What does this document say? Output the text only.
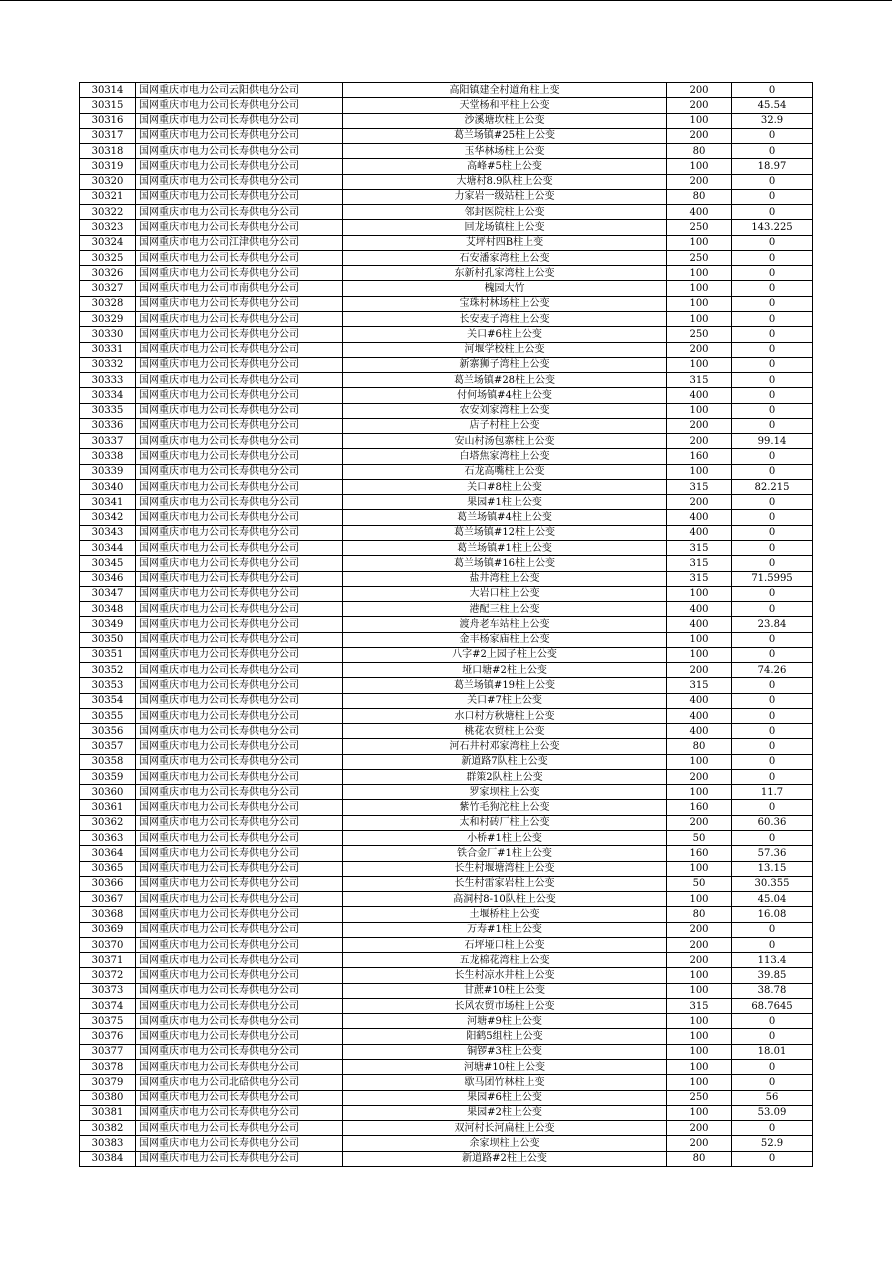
30314	国网重庆市电力公司云阳供电分公司	高阳镇建全村道角柱上变	200	0
30315	国网重庆市电力公司长寿供电分公司	天堂杨和平柱上公变	200	45.54
30316	国网重庆市电力公司长寿供电分公司	沙溪塘坎柱上公变	100	32.9
30317	国网重庆市电力公司长寿供电分公司	葛兰场镇#25柱上公变	200	0
30318	国网重庆市电力公司长寿供电分公司	玉华林场柱上公变	80	0
30319	国网重庆市电力公司长寿供电分公司	高峰#5柱上公变	100	18.97
30320	国网重庆市电力公司长寿供电分公司	大塘村8.9队柱上公变	200	0
30321	国网重庆市电力公司长寿供电分公司	力家岩一级站柱上公变	80	0
30322	国网重庆市电力公司长寿供电分公司	邻封医院柱上公变	400	0
30323	国网重庆市电力公司长寿供电分公司	回龙场镇柱上公变	250	143.225
30324	国网重庆市电力公司江津供电分公司	艾坪村四B柱上变	100	0
30325	国网重庆市电力公司长寿供电分公司	石安潘家湾柱上公变	250	0
30326	国网重庆市电力公司长寿供电分公司	东新村孔家湾柱上公变	100	0
30327	国网重庆市电力公司市南供电分公司	槐园大竹	100	0
30328	国网重庆市电力公司长寿供电分公司	宝珠村林场柱上公变	100	0
30329	国网重庆市电力公司长寿供电分公司	长安麦子湾柱上公变	100	0
30330	国网重庆市电力公司长寿供电分公司	关口#6柱上公变	250	0
30331	国网重庆市电力公司长寿供电分公司	河堰学校柱上公变	200	0
30332	国网重庆市电力公司长寿供电分公司	新寨狮子湾柱上公变	100	0
30333	国网重庆市电力公司长寿供电分公司	葛兰场镇#28柱上公变	315	0
30334	国网重庆市电力公司长寿供电分公司	付何场镇#4柱上公变	400	0
30335	国网重庆市电力公司长寿供电分公司	农安刘家湾柱上公变	100	0
30336	国网重庆市电力公司长寿供电分公司	店子村柱上公变	200	0
30337	国网重庆市电力公司长寿供电分公司	安山村汤包寨柱上公变	200	99.14
30338	国网重庆市电力公司长寿供电分公司	白塔焦家湾柱上公变	160	0
30339	国网重庆市电力公司长寿供电分公司	石龙高嘴柱上公变	100	0
30340	国网重庆市电力公司长寿供电分公司	关口#8柱上公变	315	82.215
30341	国网重庆市电力公司长寿供电分公司	果园#1柱上公变	200	0
30342	国网重庆市电力公司长寿供电分公司	葛兰场镇#4柱上公变	400	0
30343	国网重庆市电力公司长寿供电分公司	葛兰场镇#12柱上公变	400	0
30344	国网重庆市电力公司长寿供电分公司	葛兰场镇#1柱上公变	315	0
30345	国网重庆市电力公司长寿供电分公司	葛兰场镇#16柱上公变	315	0
30346	国网重庆市电力公司长寿供电分公司	盐井湾柱上公变	315	71.5995
30347	国网重庆市电力公司长寿供电分公司	大岩口柱上公变	100	0
30348	国网重庆市电力公司长寿供电分公司	港配三柱上公变	400	0
30349	国网重庆市电力公司长寿供电分公司	渡舟老车站柱上公变	400	23.84
30350	国网重庆市电力公司长寿供电分公司	金丰杨家庙柱上公变	100	0
30351	国网重庆市电力公司长寿供电分公司	八字#2上园子柱上公变	100	0
30352	国网重庆市电力公司长寿供电分公司	垭口塘#2柱上公变	200	74.26
30353	国网重庆市电力公司长寿供电分公司	葛兰场镇#19柱上公变	315	0
30354	国网重庆市电力公司长寿供电分公司	关口#7柱上公变	400	0
30355	国网重庆市电力公司长寿供电分公司	水口村方秋塘柱上公变	400	0
30356	国网重庆市电力公司长寿供电分公司	桃花农贸柱上公变	400	0
30357	国网重庆市电力公司长寿供电分公司	河石井村邓家湾柱上公变	80	0
30358	国网重庆市电力公司长寿供电分公司	新道路7队柱上公变	100	0
30359	国网重庆市电力公司长寿供电分公司	群策2队柱上公变	200	0
30360	国网重庆市电力公司长寿供电分公司	罗家坝柱上公变	100	11.7
30361	国网重庆市电力公司长寿供电分公司	紫竹毛狗沱柱上公变	160	0
30362	国网重庆市电力公司长寿供电分公司	太和村砖厂柱上公变	200	60.36
30363	国网重庆市电力公司长寿供电分公司	小桥#1柱上公变	50	0
30364	国网重庆市电力公司长寿供电分公司	铁合金厂#1柱上公变	160	57.36
30365	国网重庆市电力公司长寿供电分公司	长生村堰塘湾柱上公变	100	13.15
30366	国网重庆市电力公司长寿供电分公司	长生村雷家岩柱上公变	50	30.355
30367	国网重庆市电力公司长寿供电分公司	高洞村8-10队柱上公变	100	45.04
30368	国网重庆市电力公司长寿供电分公司	土堰桥柱上公变	80	16.08
30369	国网重庆市电力公司长寿供电分公司	万寿#1柱上公变	200	0
30370	国网重庆市电力公司长寿供电分公司	石坪垭口柱上公变	200	0
30371	国网重庆市电力公司长寿供电分公司	五龙棉花湾柱上公变	200	113.4
30372	国网重庆市电力公司长寿供电分公司	长生村凉水井柱上公变	100	39.85
30373	国网重庆市电力公司长寿供电分公司	甘蔗#10柱上公变	100	38.78
30374	国网重庆市电力公司长寿供电分公司	长风农贸市场柱上公变	315	68.7645
30375	国网重庆市电力公司长寿供电分公司	河塘#9柱上公变	100	0
30376	国网重庆市电力公司长寿供电分公司	阳鹤5组柱上公变	100	0
30377	国网重庆市电力公司长寿供电分公司	铜锣#3柱上公变	100	18.01
30378	国网重庆市电力公司长寿供电分公司	河塘#10柱上公变	100	0
30379	国网重庆市电力公司北碚供电分公司	歇马团竹林柱上变	100	0
30380	国网重庆市电力公司长寿供电分公司	果园#6柱上公变	250	56
30381	国网重庆市电力公司长寿供电分公司	果园#2柱上公变	100	53.09
30382	国网重庆市电力公司长寿供电分公司	双河村长河扁柱上公变	200	0
30383	国网重庆市电力公司长寿供电分公司	余家坝柱上公变	200	52.9
30384	国网重庆市电力公司长寿供电分公司	新道路#2柱上公变	80	0
